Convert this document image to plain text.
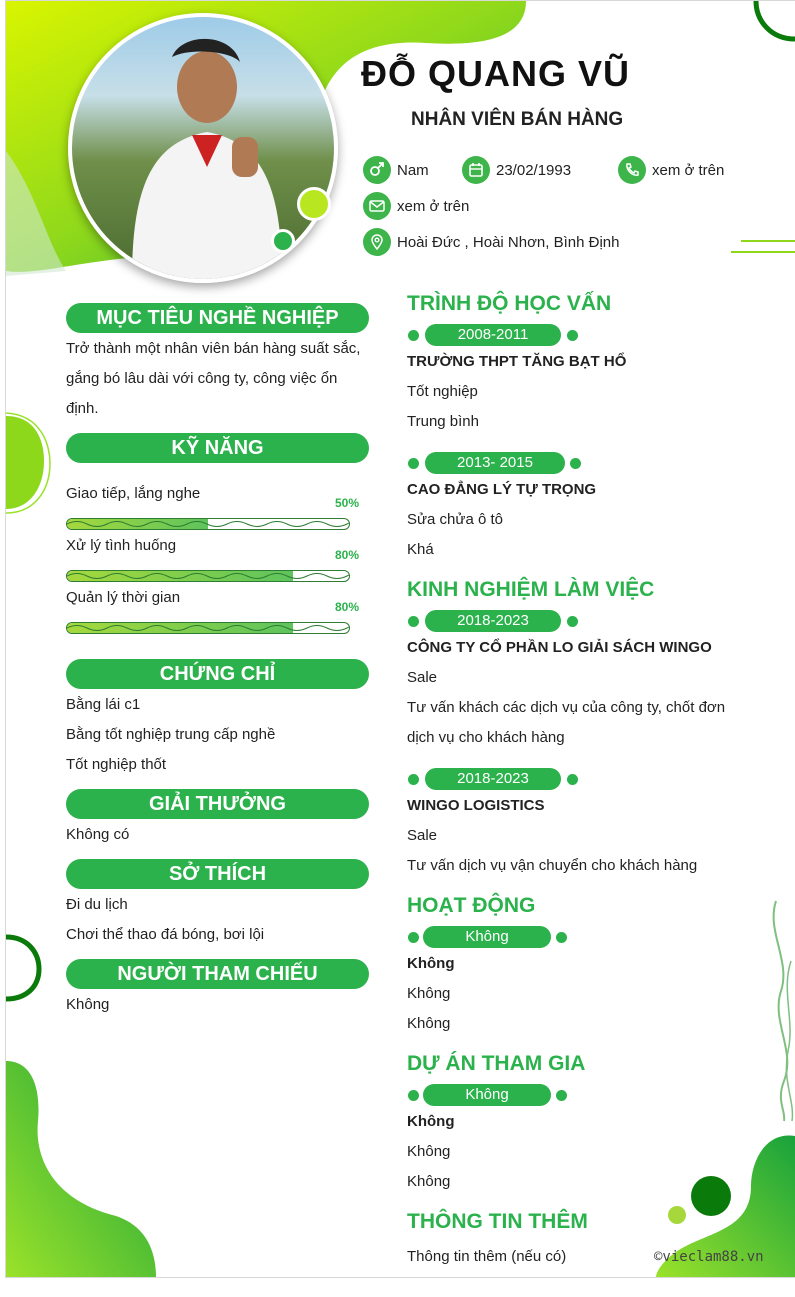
ĐỖ QUANG VŨ
NHÂN VIÊN BÁN HÀNG
Nam	23/02/1993	xem ở trên
xem ở trên
Hoài Đức , Hoài Nhơn, Bình Định
MỤC TIÊU NGHỀ NGHIỆP
Trở thành một nhân viên bán hàng suất sắc,
gắng bó lâu dài với công ty, công việc ổn
định.
KỸ NĂNG
Giao tiếp, lắng nghe
50%
Xử lý tình huống
80%
Quản lý thời gian
80%
CHỨNG CHỈ
Bằng lái c1
Bằng tốt nghiệp trung cấp nghề
Tốt nghiệp thốt
GIẢI THƯỞNG
Không có
SỞ THÍCH
Đi du lịch
Chơi thể thao đá bóng, bơi lội
NGƯỜI THAM CHIẾU
Không
TRÌNH ĐỘ HỌC VẤN
2008-2011
TRƯỜNG THPT TĂNG BẠT HỔ
Tốt nghiệp
Trung bình
2013- 2015
CAO ĐẲNG LÝ TỰ TRỌNG
Sửa chửa ô tô
Khá
KINH NGHIỆM LÀM VIỆC
2018-2023
CÔNG TY CỔ PHẦN LO GIẢI SÁCH WINGO
Sale
Tư vấn khách các dịch vụ của công ty, chốt đơn
dịch vụ cho khách hàng
2018-2023
WINGO LOGISTICS
Sale
Tư vấn dịch vụ vận chuyển cho khách hàng
HOẠT ĐỘNG
Không
Không
Không
Không
DỰ ÁN THAM GIA
Không
Không
Không
Không
THÔNG TIN THÊM
Thông tin thêm (nếu có)	©vieclam88.vn
